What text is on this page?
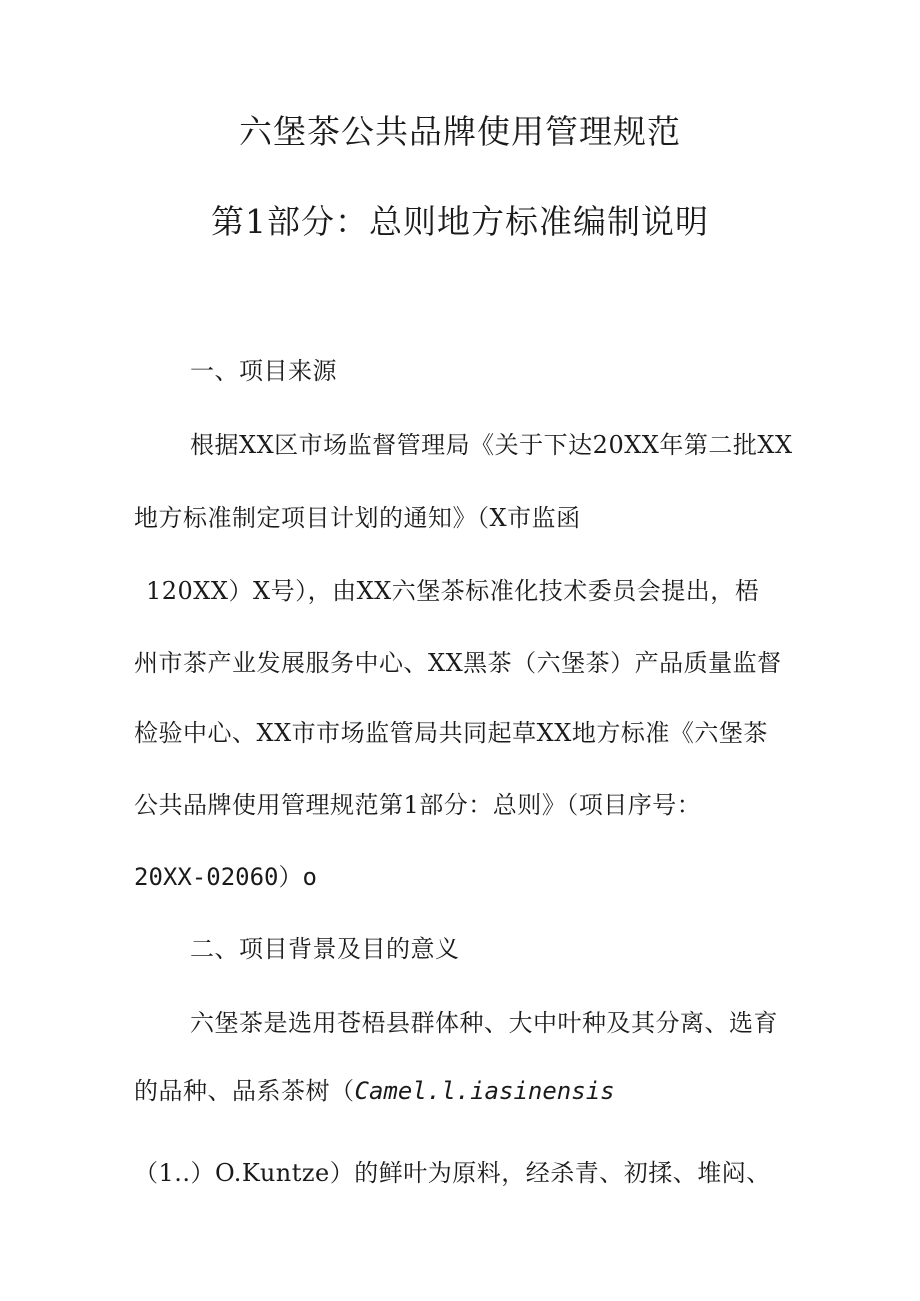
六堡茶公共品牌使用管理规范
第1部分：总则地方标准编制说明
一、项目来源
根据XX区市场监督管理局《关于下达20XX年第二批XX
地方标准制定项目计划的通知》（X市监函
120XX）X号），由XX六堡茶标准化技术委员会提出，梧
州市茶产业发展服务中心、XX黑茶（六堡茶）产品质量监督
检验中心、XX市市场监管局共同起草XX地方标准《六堡茶
公共品牌使用管理规范第1部分：总则》（项目序号：
20XX-02060）o
二、项目背景及目的意义
六堡茶是选用苍梧县群体种、大中叶种及其分离、选育
的品种、品系茶树（Camel.l.iasinensis
（1..）O.Kuntze）的鲜叶为原料，经杀青、初揉、堆闷、
